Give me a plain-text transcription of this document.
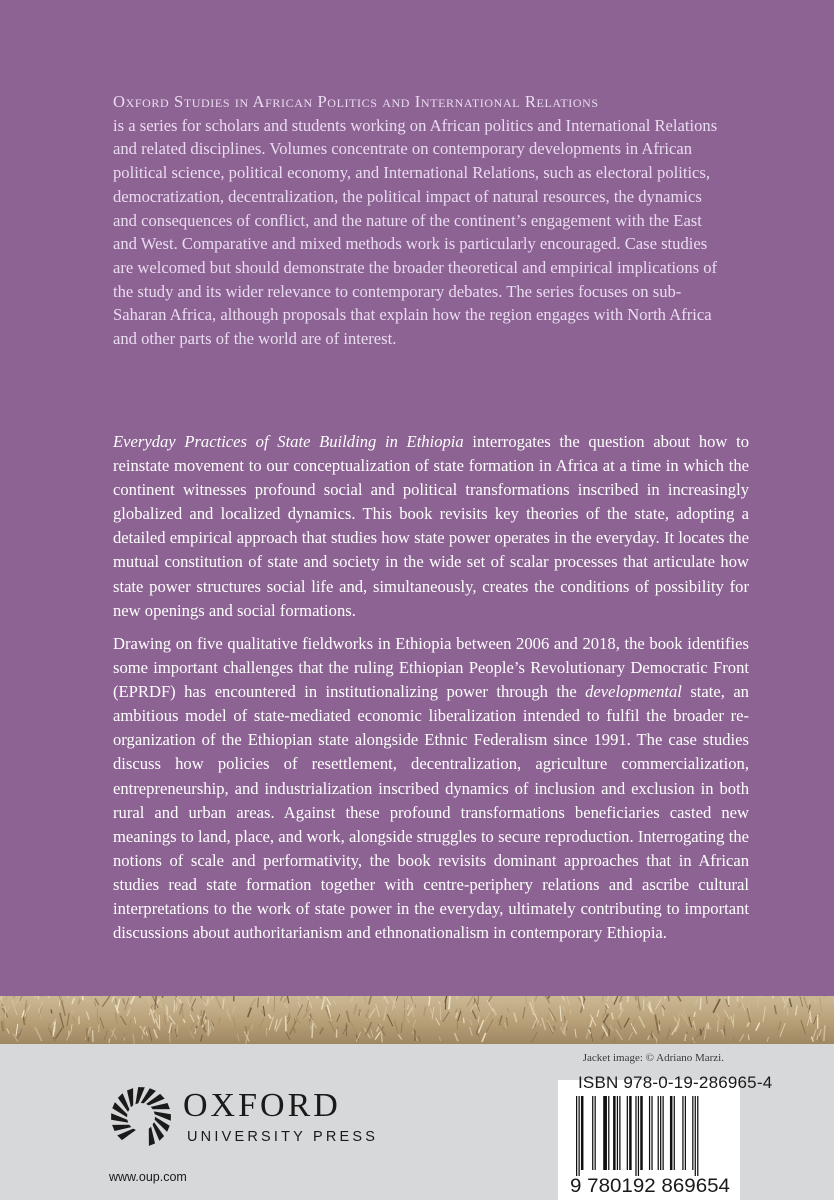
Oxford Studies in African Politics and International Relations
is a series for scholars and students working on African politics and International Relations and related disciplines. Volumes concentrate on contemporary developments in African political science, political economy, and International Relations, such as electoral politics, democratization, decentralization, the political impact of natural resources, the dynamics and consequences of conflict, and the nature of the continent’s engagement with the East and West. Comparative and mixed methods work is particularly encouraged. Case studies are welcomed but should demonstrate the broader theoretical and empirical implications of the study and its wider relevance to contemporary debates. The series focuses on sub-Saharan Africa, although proposals that explain how the region engages with North Africa and other parts of the world are of interest.

Everyday Practices of State Building in Ethiopia interrogates the question about how to reinstate movement to our conceptualization of state formation in Africa at a time in which the continent witnesses profound social and political transformations inscribed in increasingly globalized and localized dynamics. This book revisits key theories of the state, adopting a detailed empirical approach that studies how state power operates in the everyday. It locates the mutual constitution of state and society in the wide set of scalar processes that articulate how state power structures social life and, simultaneously, creates the conditions of possibility for new openings and social formations.

Drawing on five qualitative fieldworks in Ethiopia between 2006 and 2018, the book identifies some important challenges that the ruling Ethiopian People’s Revolutionary Democratic Front (EPRDF) has encountered in institutionalizing power through the developmental state, an ambitious model of state-mediated economic liberalization intended to fulfil the broader re-organization of the Ethiopian state alongside Ethnic Federalism since 1991. The case studies discuss how policies of resettlement, decentralization, agriculture commercialization, entrepreneurship, and industrialization inscribed dynamics of inclusion and exclusion in both rural and urban areas. Against these profound transformations beneficiaries casted new meanings to land, place, and work, alongside struggles to secure reproduction. Interrogating the notions of scale and performativity, the book revisits dominant approaches that in African studies read state formation together with centre-periphery relations and ascribe cultural interpretations to the work of state power in the everyday, ultimately contributing to important discussions about authoritarianism and ethnonationalism in contemporary Ethiopia.

Jacket image: © Adriano Marzi.
ISBN 978-0-19-286965-4
9 780192 869654
OXFORD
UNIVERSITY PRESS
www.oup.com
